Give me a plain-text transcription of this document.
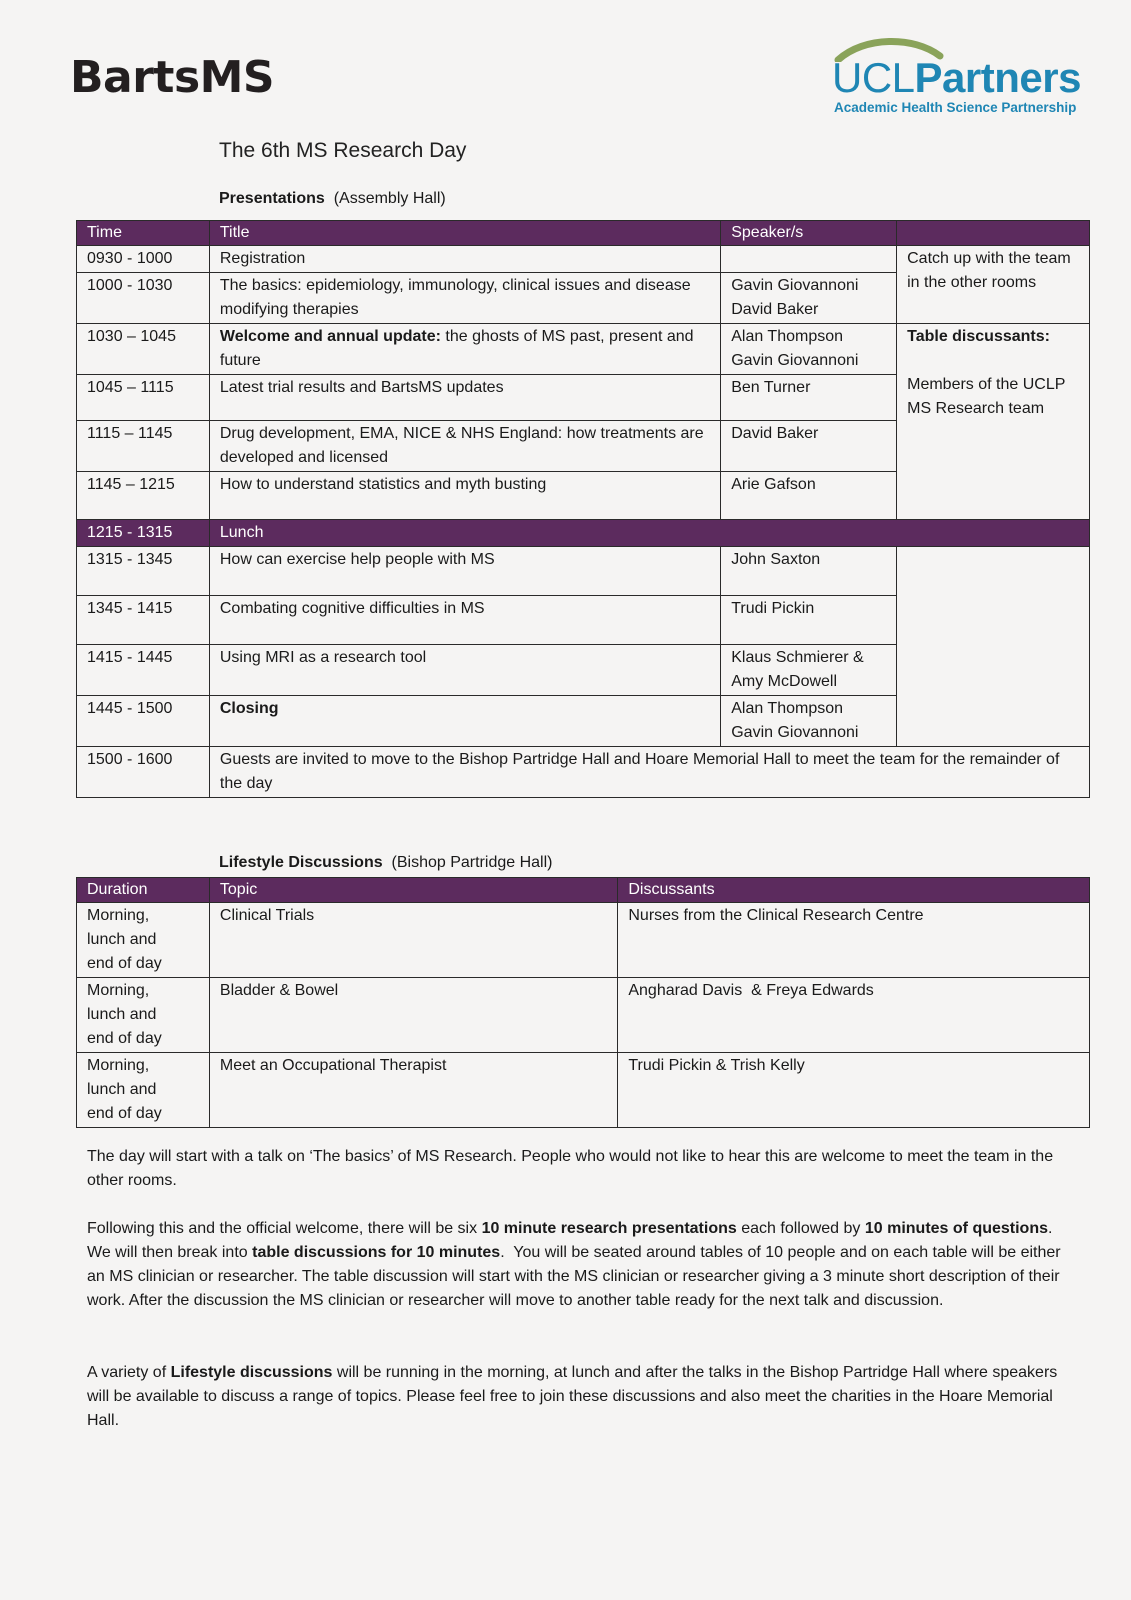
BartsMS	UCLPartners
Academic Health Science Partnership
The 6th MS Research Day
Presentations (Assembly Hall)
Time	Title	Speaker/s	
0930 - 1000	Registration		Catch up with the team in the other rooms
1000 - 1030	The basics: epidemiology, immunology, clinical issues and disease modifying therapies	Gavin Giovannoni
David Baker	
1030 – 1045	Welcome and annual update: the ghosts of MS past, present and future	Alan Thompson
Gavin Giovannoni	Table discussants:

Members of the UCLP MS Research team
1045 – 1115	Latest trial results and BartsMS updates	Ben Turner	
1115 – 1145	Drug development, EMA, NICE & NHS England: how treatments are developed and licensed	David Baker	
1145 – 1215	How to understand statistics and myth busting	Arie Gafson	
1215 - 1315	Lunch		
1315 - 1345	How can exercise help people with MS	John Saxton	
1345 - 1415	Combating cognitive difficulties in MS	Trudi Pickin	
1415 - 1445	Using MRI as a research tool	Klaus Schmierer &
Amy McDowell	
1445 - 1500	Closing	Alan Thompson
Gavin Giovannoni	
1500 - 1600	Guests are invited to move to the Bishop Partridge Hall and Hoare Memorial Hall to meet the team for the remainder of the day		
Lifestyle Discussions (Bishop Partridge Hall)
Duration	Topic	Discussants
Morning,
lunch and
end of day	Clinical Trials	Nurses from the Clinical Research Centre
Morning,
lunch and
end of day	Bladder & Bowel	Angharad Davis  & Freya Edwards
Morning,
lunch and
end of day	Meet an Occupational Therapist	Trudi Pickin & Trish Kelly
The day will start with a talk on ‘The basics’ of MS Research. People who would not like to hear this are welcome to meet the team in the other rooms.
Following this and the official welcome, there will be six 10 minute research presentations each followed by 10 minutes of questions.  We will then break into table discussions for 10 minutes.  You will be seated around tables of 10 people and on each table will be either an MS clinician or researcher. The table discussion will start with the MS clinician or researcher giving a 3 minute short description of their work. After the discussion the MS clinician or researcher will move to another table ready for the next talk and discussion.
A variety of Lifestyle discussions will be running in the morning, at lunch and after the talks in the Bishop Partridge Hall where speakers will be available to discuss a range of topics. Please feel free to join these discussions and also meet the charities in the Hoare Memorial Hall.
